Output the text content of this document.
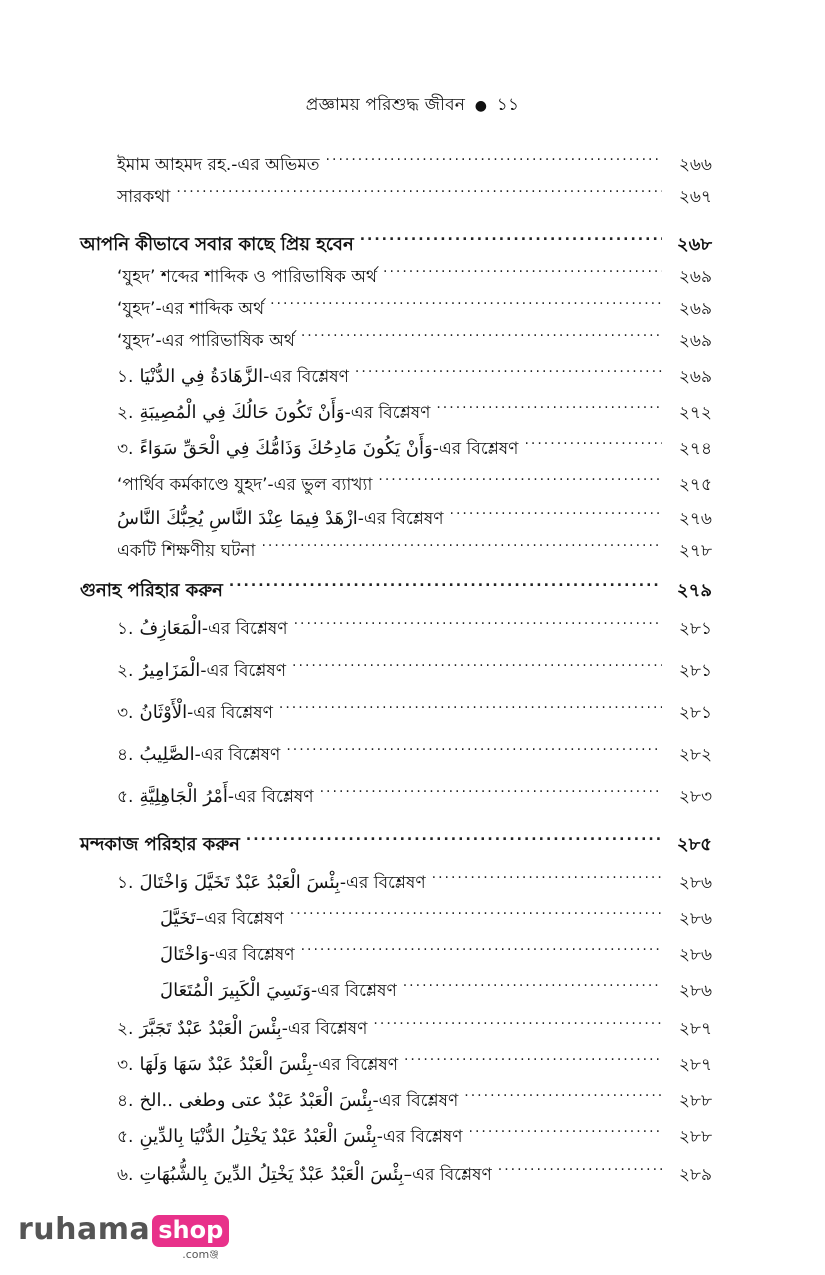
প্রজ্ঞাময় পরিশুদ্ধ জীবন ● ১১
ইমাম আহমদ রহ.-এর অভিমত .....	২৬৬
সারকথা .....	২৬৭
আপনি কীভাবে সবার কাছে প্রিয় হবেন .....	২৬৮
‘যুহদ’ শব্দের শাব্দিক ও পারিভাষিক অর্থ .....	২৬৯
‘যুহদ’-এর শাব্দিক অর্থ .....	২৬৯
‘যুহদ’-এর পারিভাষিক অর্থ .....	২৬৯
১. الزَّهَادَةُ فِي الدُّنْيَا -এর বিশ্লেষণ .....	২৬৯
২. وَأَنْ تَكُونَ حَالُكَ فِي الْمُصِيبَةِ -এর বিশ্লেষণ .....	২৭২
৩. وَأَنْ يَكُونَ مَادِحُكَ وَذَامُّكَ فِي الْحَقِّ سَوَاءً -এর বিশ্লেষণ .....	২৭৪
‘পার্থিব কর্মকাণ্ডে যুহদ’-এর ভুল ব্যাখ্যা .....	২৭৫
ازْهَدْ فِيمَا عِنْدَ النَّاسِ يُحِبُّكَ النَّاسُ -এর বিশ্লেষণ .....	২৭৬
একটি শিক্ষণীয় ঘটনা .....	২৭৮
গুনাহ পরিহার করুন .....	২৭৯
১. الْمَعَازِفُ -এর বিশ্লেষণ .....	২৮১
২. الْمَزَامِيرُ -এর বিশ্লেষণ .....	২৮১
৩. الْأَوْثَانُ -এর বিশ্লেষণ .....	২৮১
৪. الصَّلِيبُ -এর বিশ্লেষণ .....	২৮২
৫. أَمْرُ الْجَاهِلِيَّةِ -এর বিশ্লেষণ .....	২৮৩
মন্দকাজ পরিহার করুন .....	২৮৫
১. بِئْسَ الْعَبْدُ عَبْدٌ تَخَيَّلَ وَاخْتَالَ -এর বিশ্লেষণ .....	২৮৬
تَخَيَّلَ –এর বিশ্লেষণ .....	২৮৬
وَاخْتَالَ -এর বিশ্লেষণ .....	২৮৬
وَنَسِيَ الْكَبِيرَ الْمُتَعَالَ -এর বিশ্লেষণ .....	২৮৬
২. بِئْسَ الْعَبْدُ عَبْدٌ تَجَبَّرَ -এর বিশ্লেষণ .....	২৮৭
৩. بِئْسَ الْعَبْدُ عَبْدٌ سَهَا وَلَهَا -এর বিশ্লেষণ .....	২৮৭
৪. بِئْسَ الْعَبْدُ عَبْدٌ عتى وطغى ..الخ -এর বিশ্লেষণ .....	২৮৮
৫. بِئْسَ الْعَبْدُ عَبْدٌ يَخْتِلُ الدُّنْيَا بِالدِّينِ -এর বিশ্লেষণ .....	২৮৮
৬. بِئْسَ الْعَبْدُ عَبْدٌ يَخْتِلُ الدِّينَ بِالشُّبُهَاتِ –এর বিশ্লেষণ .....	২৮৯
ruhama shop
.comঞ্জ
